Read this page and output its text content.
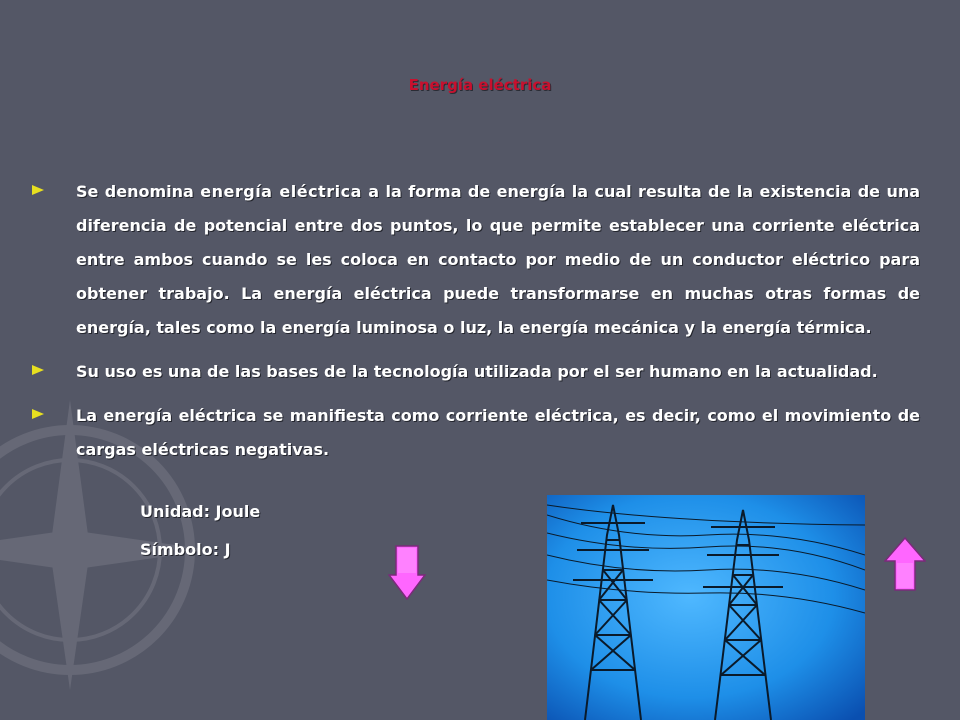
Energía eléctrica
Se denomina energía eléctrica a la forma de energía la cual resulta de la existencia de una diferencia de potencial entre dos puntos, lo que permite establecer una corriente eléctrica entre ambos cuando se les coloca en contacto por medio de un conductor eléctrico para obtener trabajo. La energía eléctrica puede transformarse en muchas otras formas de energía, tales como la energía luminosa o luz, la energía mecánica y la energía térmica.
Su uso es una de las bases de la tecnología utilizada por el ser humano en la actualidad.
La energía eléctrica se manifiesta como corriente eléctrica, es decir, como el movimiento de cargas eléctricas negativas.
Unidad: Joule
Símbolo: J
